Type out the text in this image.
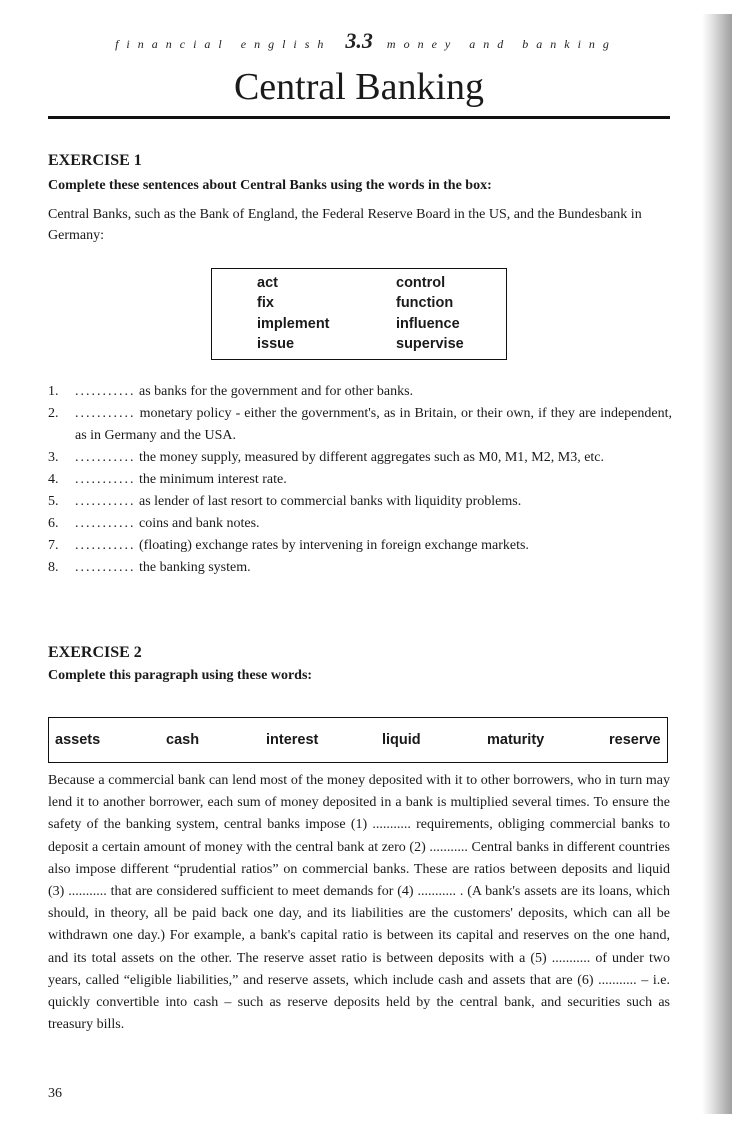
financial english 3.3 money and banking
Central Banking
EXERCISE 1

Complete these sentences about Central Banks using the words in the box:

Central Banks, such as the Bank of England, the Federal Reserve Board in the US, and the Bundesbank in Germany:

act	control
fix	function
implement	influence
issue	supervise
1. ........... as banks for the government and for other banks.
2. ........... monetary policy - either the government's, as in Britain, or their own, if they are independent, as in Germany and the USA.
3. ........... the money supply, measured by different aggregates such as M0, M1, M2, M3, etc.
4. ........... the minimum interest rate.
5. ........... as lender of last resort to commercial banks with liquidity problems.
6. ........... coins and bank notes.
7. ........... (floating) exchange rates by intervening in foreign exchange markets.
8. ........... the banking system.
EXERCISE 2

Complete this paragraph using these words:

assets	cash	interest	liquid	maturity	reserve

Because a commercial bank can lend most of the money deposited with it to other borrowers, who in turn may lend it to another borrower, each sum of money deposited in a bank is multiplied several times. To ensure the safety of the banking system, central banks impose (1) ........... requirements, obliging commercial banks to deposit a certain amount of money with the central bank at zero (2) ........... Central banks in different countries also impose different “prudential ratios” on commercial banks. These are ratios between deposits and liquid (3) ........... that are considered sufficient to meet demands for (4) ........... . (A bank's assets are its loans, which should, in theory, all be paid back one day, and its liabilities are the customers' deposits, which can all be withdrawn one day.) For example, a bank's capital ratio is between its capital and reserves on the one hand, and its total assets on the other. The reserve asset ratio is between deposits with a (5) ........... of under two years, called “eligible liabilities,” and reserve assets, which include cash and assets that are (6) ........... – i.e. quickly convertible into cash – such as reserve deposits held by the central bank, and securities such as treasury bills.

36
